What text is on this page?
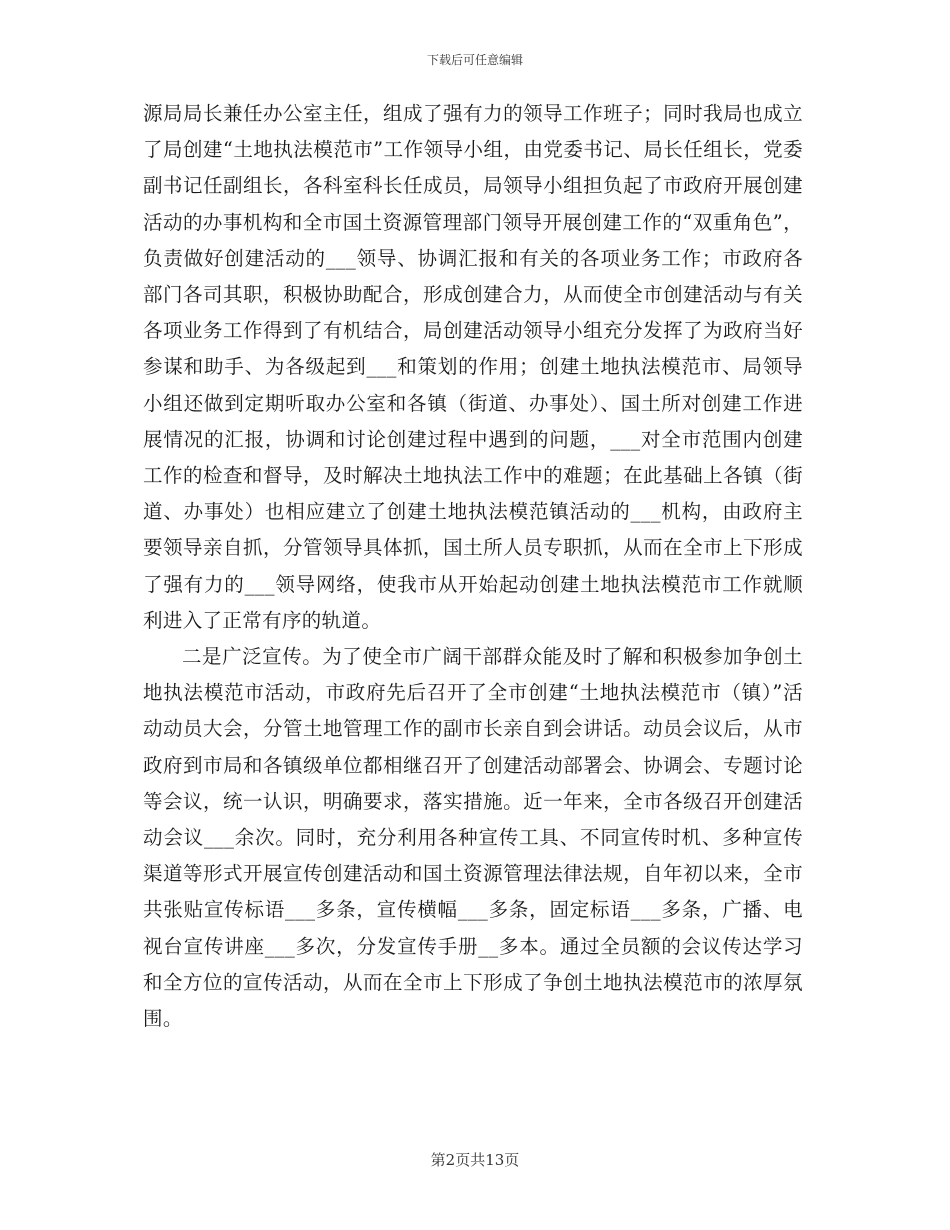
下载后可任意编辑

源局局长兼任办公室主任，组成了强有力的领导工作班子；同时我局也成立了局创建“土地执法模范市”工作领导小组，由党委书记、局长任组长，党委副书记任副组长，各科室科长任成员，局领导小组担负起了市政府开展创建活动的办事机构和全市国土资源管理部门领导开展创建工作的“双重角色”，负责做好创建活动的___领导、协调汇报和有关的各项业务工作；市政府各部门各司其职，积极协助配合，形成创建合力，从而使全市创建活动与有关各项业务工作得到了有机结合，局创建活动领导小组充分发挥了为政府当好参谋和助手、为各级起到___和策划的作用；创建土地执法模范市、局领导小组还做到定期听取办公室和各镇（街道、办事处）、国土所对创建工作进展情况的汇报，协调和讨论创建过程中遇到的问题，___对全市范围内创建工作的检查和督导，及时解决土地执法工作中的难题；在此基础上各镇（街道、办事处）也相应建立了创建土地执法模范镇活动的___机构，由政府主要领导亲自抓，分管领导具体抓，国土所人员专职抓，从而在全市上下形成了强有力的___领导网络，使我市从开始起动创建土地执法模范市工作就顺利进入了正常有序的轨道。

二是广泛宣传。为了使全市广阔干部群众能及时了解和积极参加争创土地执法模范市活动，市政府先后召开了全市创建“土地执法模范市（镇）”活动动员大会，分管土地管理工作的副市长亲自到会讲话。动员会议后，从市政府到市局和各镇级单位都相继召开了创建活动部署会、协调会、专题讨论等会议，统一认识，明确要求，落实措施。近一年来，全市各级召开创建活动会议___余次。同时，充分利用各种宣传工具、不同宣传时机、多种宣传渠道等形式开展宣传创建活动和国土资源管理法律法规，自年初以来，全市共张贴宣传标语___多条，宣传横幅___多条，固定标语___多条，广播、电视台宣传讲座___多次，分发宣传手册__多本。通过全员额的会议传达学习和全方位的宣传活动，从而在全市上下形成了争创土地执法模范市的浓厚氛围。

第2页共13页
